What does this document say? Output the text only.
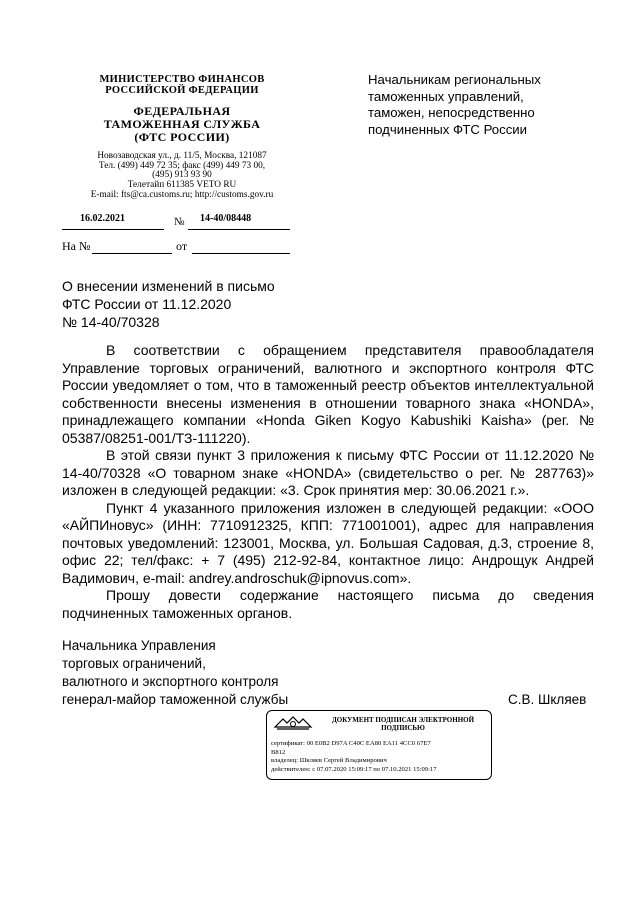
МИНИСТЕРСТВО ФИНАНСОВ
РОССИЙСКОЙ ФЕДЕРАЦИИ
ФЕДЕРАЛЬНАЯ
ТАМОЖЕННАЯ СЛУЖБА
(ФТС РОССИИ)
Новозаводская ул., д. 11/5, Москва, 121087
Тел. (499) 449 72 35; факс (499) 449 73 00,
(495) 913 93 90
Телетайп 611385 VETO RU
E-mail: fts@ca.customs.ru; http://customs.gov.ru
16.02.2021	№ 14-40/08448
На №	от
Начальникам региональных
таможенных управлений,
таможен, непосредственно
подчиненных ФТС России
О внесении изменений в письмо
ФТС России от 11.12.2020
№ 14-40/70328

В соответствии с обращением представителя правообладателя Управление торговых ограничений, валютного и экспортного контроля ФТС России уведомляет о том, что в таможенный реестр объектов интеллектуальной собственности внесены изменения в отношении товарного знака «HONDA», принадлежащего компании «Honda Giken Kogyo Kabushiki Kaisha» (рег. № 05387/08251-001/ТЗ-111220).

В этой связи пункт 3 приложения к письму ФТС России от 11.12.2020 № 14-40/70328 «О товарном знаке «HONDA» (свидетельство о рег. № 287763)» изложен в следующей редакции: «3. Срок принятия мер: 30.06.2021 г.».

Пункт 4 указанного приложения изложен в следующей редакции: «ООО «АЙПИновус» (ИНН: 7710912325, КПП: 771001001), адрес для направления почтовых уведомлений: 123001, Москва, ул. Большая Садовая, д.3, строение 8, офис 22; тел/факс: + 7 (495) 212-92-84, контактное лицо: Андрощук Андрей Вадимович, e-mail: andrey.androschuk@ipnovus.com».

Прошу довести содержание настоящего письма до сведения подчиненных таможенных органов.

Начальника Управления
торговых ограничений,
валютного и экспортного контроля
генерал-майор таможенной службы	С.В. Шкляев
ДОКУМЕНТ ПОДПИСАН ЭЛЕКТРОННОЙ
ПОДПИСЬЮ
сертификат: 00 E0B2 D97A C40C EA80 EA11 4CC0 67E7
B812
владелец: Шкляев Сергей Владимирович
действителен: с 07.07.2020 15:09:17 по 07.10.2021 15:09:17
